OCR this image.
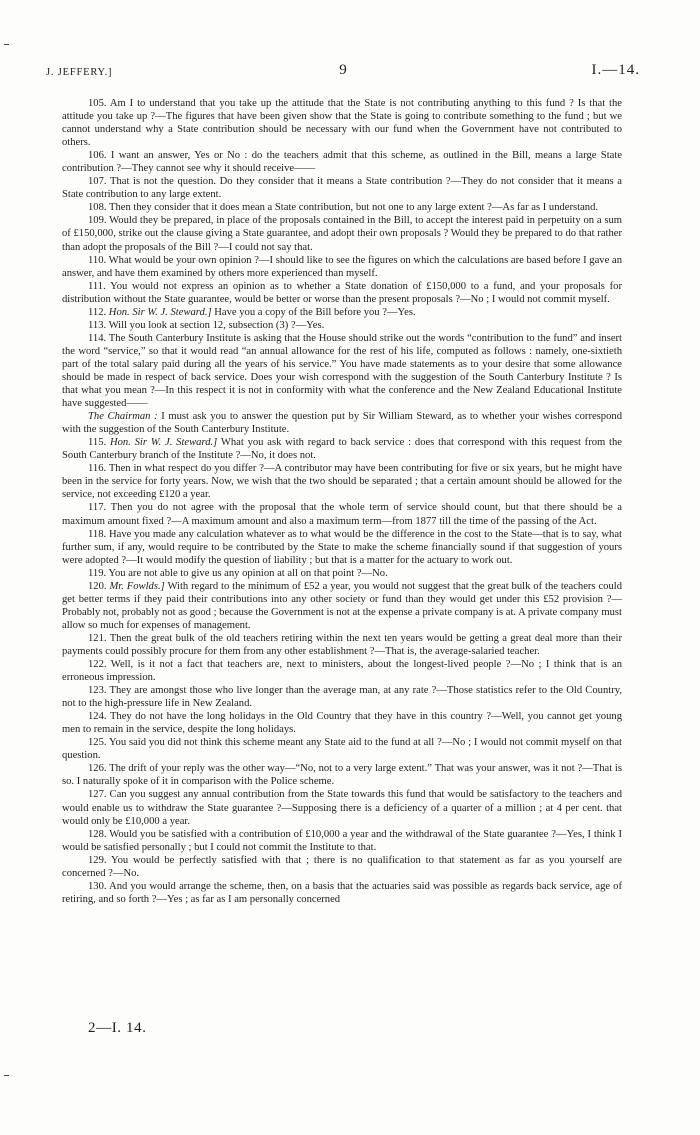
J. JEFFERY.]	9	I.—14.

105. Am I to understand that you take up the attitude that the State is not contributing anything to this fund ? Is that the attitude you take up ?—The figures that have been given show that the State is going to contribute something to the fund ; but we cannot understand why a State contribution should be necessary with our fund when the Government have not contributed to others.

106. I want an answer, Yes or No : do the teachers admit that this scheme, as outlined in the Bill, means a large State contribution ?—They cannot see why it should receive——

107. That is not the question. Do they consider that it means a State contribution ?—They do not consider that it means a State contribution to any large extent.

108. Then they consider that it does mean a State contribution, but not one to any large extent ?—As far as I understand.

109. Would they be prepared, in place of the proposals contained in the Bill, to accept the interest paid in perpetuity on a sum of £150,000, strike out the clause giving a State guarantee, and adopt their own proposals ? Would they be prepared to do that rather than adopt the proposals of the Bill ?—I could not say that.

110. What would be your own opinion ?—I should like to see the figures on which the calculations are based before I gave an answer, and have them examined by others more experienced than myself.

111. You would not express an opinion as to whether a State donation of £150,000 to a fund, and your proposals for distribution without the State guarantee, would be better or worse than the present proposals ?—No ; I would not commit myself.

112. Hon. Sir W. J. Steward.] Have you a copy of the Bill before you ?—Yes.

113. Will you look at section 12, subsection (3) ?—Yes.

114. The South Canterbury Institute is asking that the House should strike out the words “contribution to the fund” and insert the word “service,” so that it would read “an annual allowance for the rest of his life, computed as follows : namely, one-sixtieth part of the total salary paid during all the years of his service.” You have made statements as to your desire that some allowance should be made in respect of back service. Does your wish correspond with the suggestion of the South Canterbury Institute ? Is that what you mean ?—In this respect it is not in conformity with what the conference and the New Zealand Educational Institute have suggested——

The Chairman : I must ask you to answer the question put by Sir William Steward, as to whether your wishes correspond with the suggestion of the South Canterbury Institute.

115. Hon. Sir W. J. Steward.] What you ask with regard to back service : does that correspond with this request from the South Canterbury branch of the Institute ?—No, it does not.

116. Then in what respect do you differ ?—A contributor may have been contributing for five or six years, but he might have been in the service for forty years. Now, we wish that the two should be separated ; that a certain amount should be allowed for the service, not exceeding £120 a year.

117. Then you do not agree with the proposal that the whole term of service should count, but that there should be a maximum amount fixed ?—A maximum amount and also a maximum term—from 1877 till the time of the passing of the Act.

118. Have you made any calculation whatever as to what would be the difference in the cost to the State—that is to say, what further sum, if any, would require to be contributed by the State to make the scheme financially sound if that suggestion of yours were adopted ?—It would modify the question of liability ; but that is a matter for the actuary to work out.

119. You are not able to give us any opinion at all on that point ?—No.

120. Mr. Fowlds.] With regard to the minimum of £52 a year, you would not suggest that the great bulk of the teachers could get better terms if they paid their contributions into any other society or fund than they would get under this £52 provision ?—Probably not, probably not as good ; because the Government is not at the expense a private company is at. A private company must allow so much for expenses of management.

121. Then the great bulk of the old teachers retiring within the next ten years would be getting a great deal more than their payments could possibly procure for them from any other establishment ?—That is, the average-salaried teacher.

122. Well, is it not a fact that teachers are, next to ministers, about the longest-lived people ?—No ; I think that is an erroneous impression.

123. They are amongst those who live longer than the average man, at any rate ?—Those statistics refer to the Old Country, not to the high-pressure life in New Zealand.

124. They do not have the long holidays in the Old Country that they have in this country ?—Well, you cannot get young men to remain in the service, despite the long holidays.

125. You said you did not think this scheme meant any State aid to the fund at all ?—No ; I would not commit myself on that question.

126. The drift of your reply was the other way—“No, not to a very large extent.” That was your answer, was it not ?—That is so. I naturally spoke of it in comparison with the Police scheme.

127. Can you suggest any annual contribution from the State towards this fund that would be satisfactory to the teachers and would enable us to withdraw the State guarantee ?—Supposing there is a deficiency of a quarter of a million ; at 4 per cent. that would only be £10,000 a year.

128. Would you be satisfied with a contribution of £10,000 a year and the withdrawal of the State guarantee ?—Yes, I think I would be satisfied personally ; but I could not commit the Institute to that.

129. You would be perfectly satisfied with that ; there is no qualification to that statement as far as you yourself are concerned ?—No.

130. And you would arrange the scheme, then, on a basis that the actuaries said was possible as regards back service, age of retiring, and so forth ?—Yes ; as far as I am personally concerned

2—I. 14.
